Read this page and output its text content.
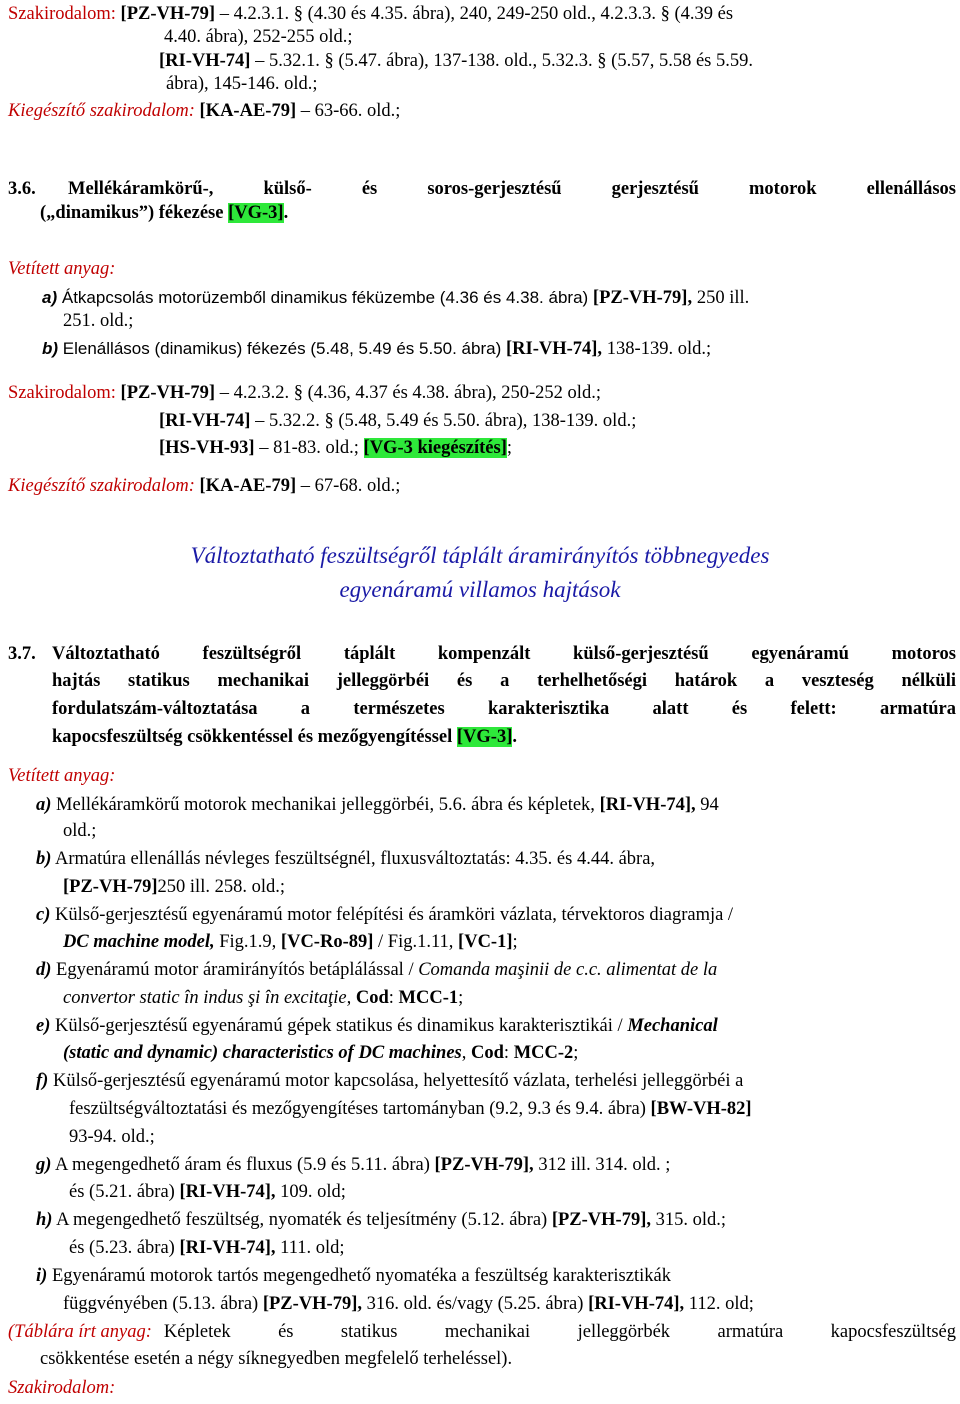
Szakirodalom: [PZ-VH-79] – 4.2.3.1. § (4.30 és 4.35. ábra), 240, 249-250 old., 4.2.3.3. § (4.39 és
4.40. ábra), 252-255 old.;
[RI-VH-74] – 5.32.1. § (5.47. ábra), 137-138. old., 5.32.3. § (5.57, 5.58 és 5.59.
ábra), 145-146. old.;
Kiegészítő szakirodalom: [KA-AE-79] – 63-66. old.;
3.6. Mellékáramkörű-, külső- és soros-gerjesztésű gerjesztésű motorok ellenállásos
(„dinamikus”) fékezése [VG-3].
Vetített anyag:
a) Átkapcsolás motorüzemből dinamikus féküzembe (4.36 és 4.38. ábra) [PZ-VH-79], 250 ill.
251. old.;
b) Elenállásos (dinamikus) fékezés (5.48, 5.49 és 5.50. ábra) [RI-VH-74], 138-139. old.;
Szakirodalom: [PZ-VH-79] – 4.2.3.2. § (4.36, 4.37 és 4.38. ábra), 250-252 old.;
[RI-VH-74] – 5.32.2. § (5.48, 5.49 és 5.50. ábra), 138-139. old.;
[HS-VH-93] – 81-83. old.; [VG-3 kiegészítés];
Kiegészítő szakirodalom: [KA-AE-79] – 67-68. old.;
Változtatható feszültségről táplált áramirányítós többnegyedes
egyenáramú villamos hajtások
3.7. Változtatható feszültségről táplált kompenzált külső-gerjesztésű egyenáramú motoros
hajtás statikus mechanikai jelleggörbéi és a terhelhetőségi határok a veszteség nélküli
fordulatszám-változtatása a természetes karakterisztika alatt és felett: armatúra
kapocsfeszültség csökkentéssel és mezőgyengítéssel [VG-3].
Vetített anyag:
a) Mellékáramkörű motorok mechanikai jelleggörbéi, 5.6. ábra és képletek, [RI-VH-74], 94
old.;
b) Armatúra ellenállás névleges feszültségnél, fluxusváltoztatás: 4.35. és 4.44. ábra,
[PZ-VH-79]250 ill. 258. old.;
c) Külső-gerjesztésű egyenáramú motor felépítési és áramköri vázlata, térvektoros diagramja /
DC machine model, Fig.1.9, [VC-Ro-89] / Fig.1.11, [VC-1];
d) Egyenáramú motor áramirányítós betáplálással / Comanda maşinii de c.c. alimentat de la
convertor static în indus şi în excitaţie, Cod: MCC-1;
e) Külső-gerjesztésű egyenáramú gépek statikus és dinamikus karakterisztikái / Mechanical
(static and dynamic) characteristics of DC machines, Cod: MCC-2;
f) Külső-gerjesztésű egyenáramú motor kapcsolása, helyettesítő vázlata, terhelési jelleggörbéi a
feszültségváltoztatási és mezőgyengítéses tartományban (9.2, 9.3 és 9.4. ábra) [BW-VH-82]
93-94. old.;
g) A megengedhető áram és fluxus (5.9 és 5.11. ábra) [PZ-VH-79], 312 ill. 314. old. ;
és (5.21. ábra) [RI-VH-74], 109. old;
h) A megengedhető feszültség, nyomaték és teljesítmény (5.12. ábra) [PZ-VH-79], 315. old.;
és (5.23. ábra) [RI-VH-74], 111. old;
i) Egyenáramú motorok tartós megengedhető nyomatéka a feszültség karakterisztikák
függvényében (5.13. ábra) [PZ-VH-79], 316. old. és/vagy (5.25. ábra) [RI-VH-74], 112. old;
(Táblára írt anyag: Képletek és statikus mechanikai jelleggörbék armatúra kapocsfeszültség
csökkentése esetén a négy síknegyedben megfelelő terheléssel).
Szakirodalom:
